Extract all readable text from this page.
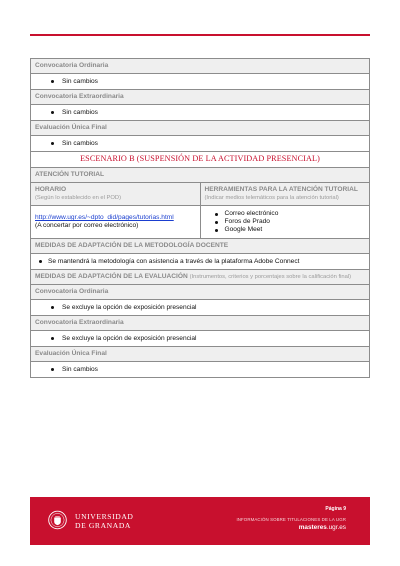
Convocatoria Ordinaria
Sin cambios
Convocatoria Extraordinaria
Sin cambios
Evaluación Única Final
Sin cambios
ESCENARIO B (SUSPENSIÓN DE LA ACTIVIDAD PRESENCIAL)
ATENCIÓN TUTORIAL
HORARIO
(Según lo establecido en el POD)
HERRAMIENTAS PARA LA ATENCIÓN TUTORIAL
(Indicar medios telemáticos para la atención tutorial)
http://www.ugr.es/~dpto_did/pages/tutorias.html
(A concertar por correo electrónico)
Correo electrónico
Foros de Prado
Google Meet
MEDIDAS DE ADAPTACIÓN DE LA METODOLOGÍA DOCENTE
Se mantendrá la metodología con asistencia a través de la plataforma Adobe Connect
MEDIDAS DE ADAPTACIÓN DE LA EVALUACIÓN (Instrumentos, criterios y porcentajes sobre la calificación final)
Convocatoria Ordinaria
Se excluye la opción de exposición presencial
Convocatoria Extraordinaria
Se excluye la opción de exposición presencial
Evaluación Única Final
Sin cambios
UNIVERSIDAD
DE GRANADA
Página 9
INFORMACIÓN SOBRE TITULACIONES DE LA UGR
masteres.ugr.es
